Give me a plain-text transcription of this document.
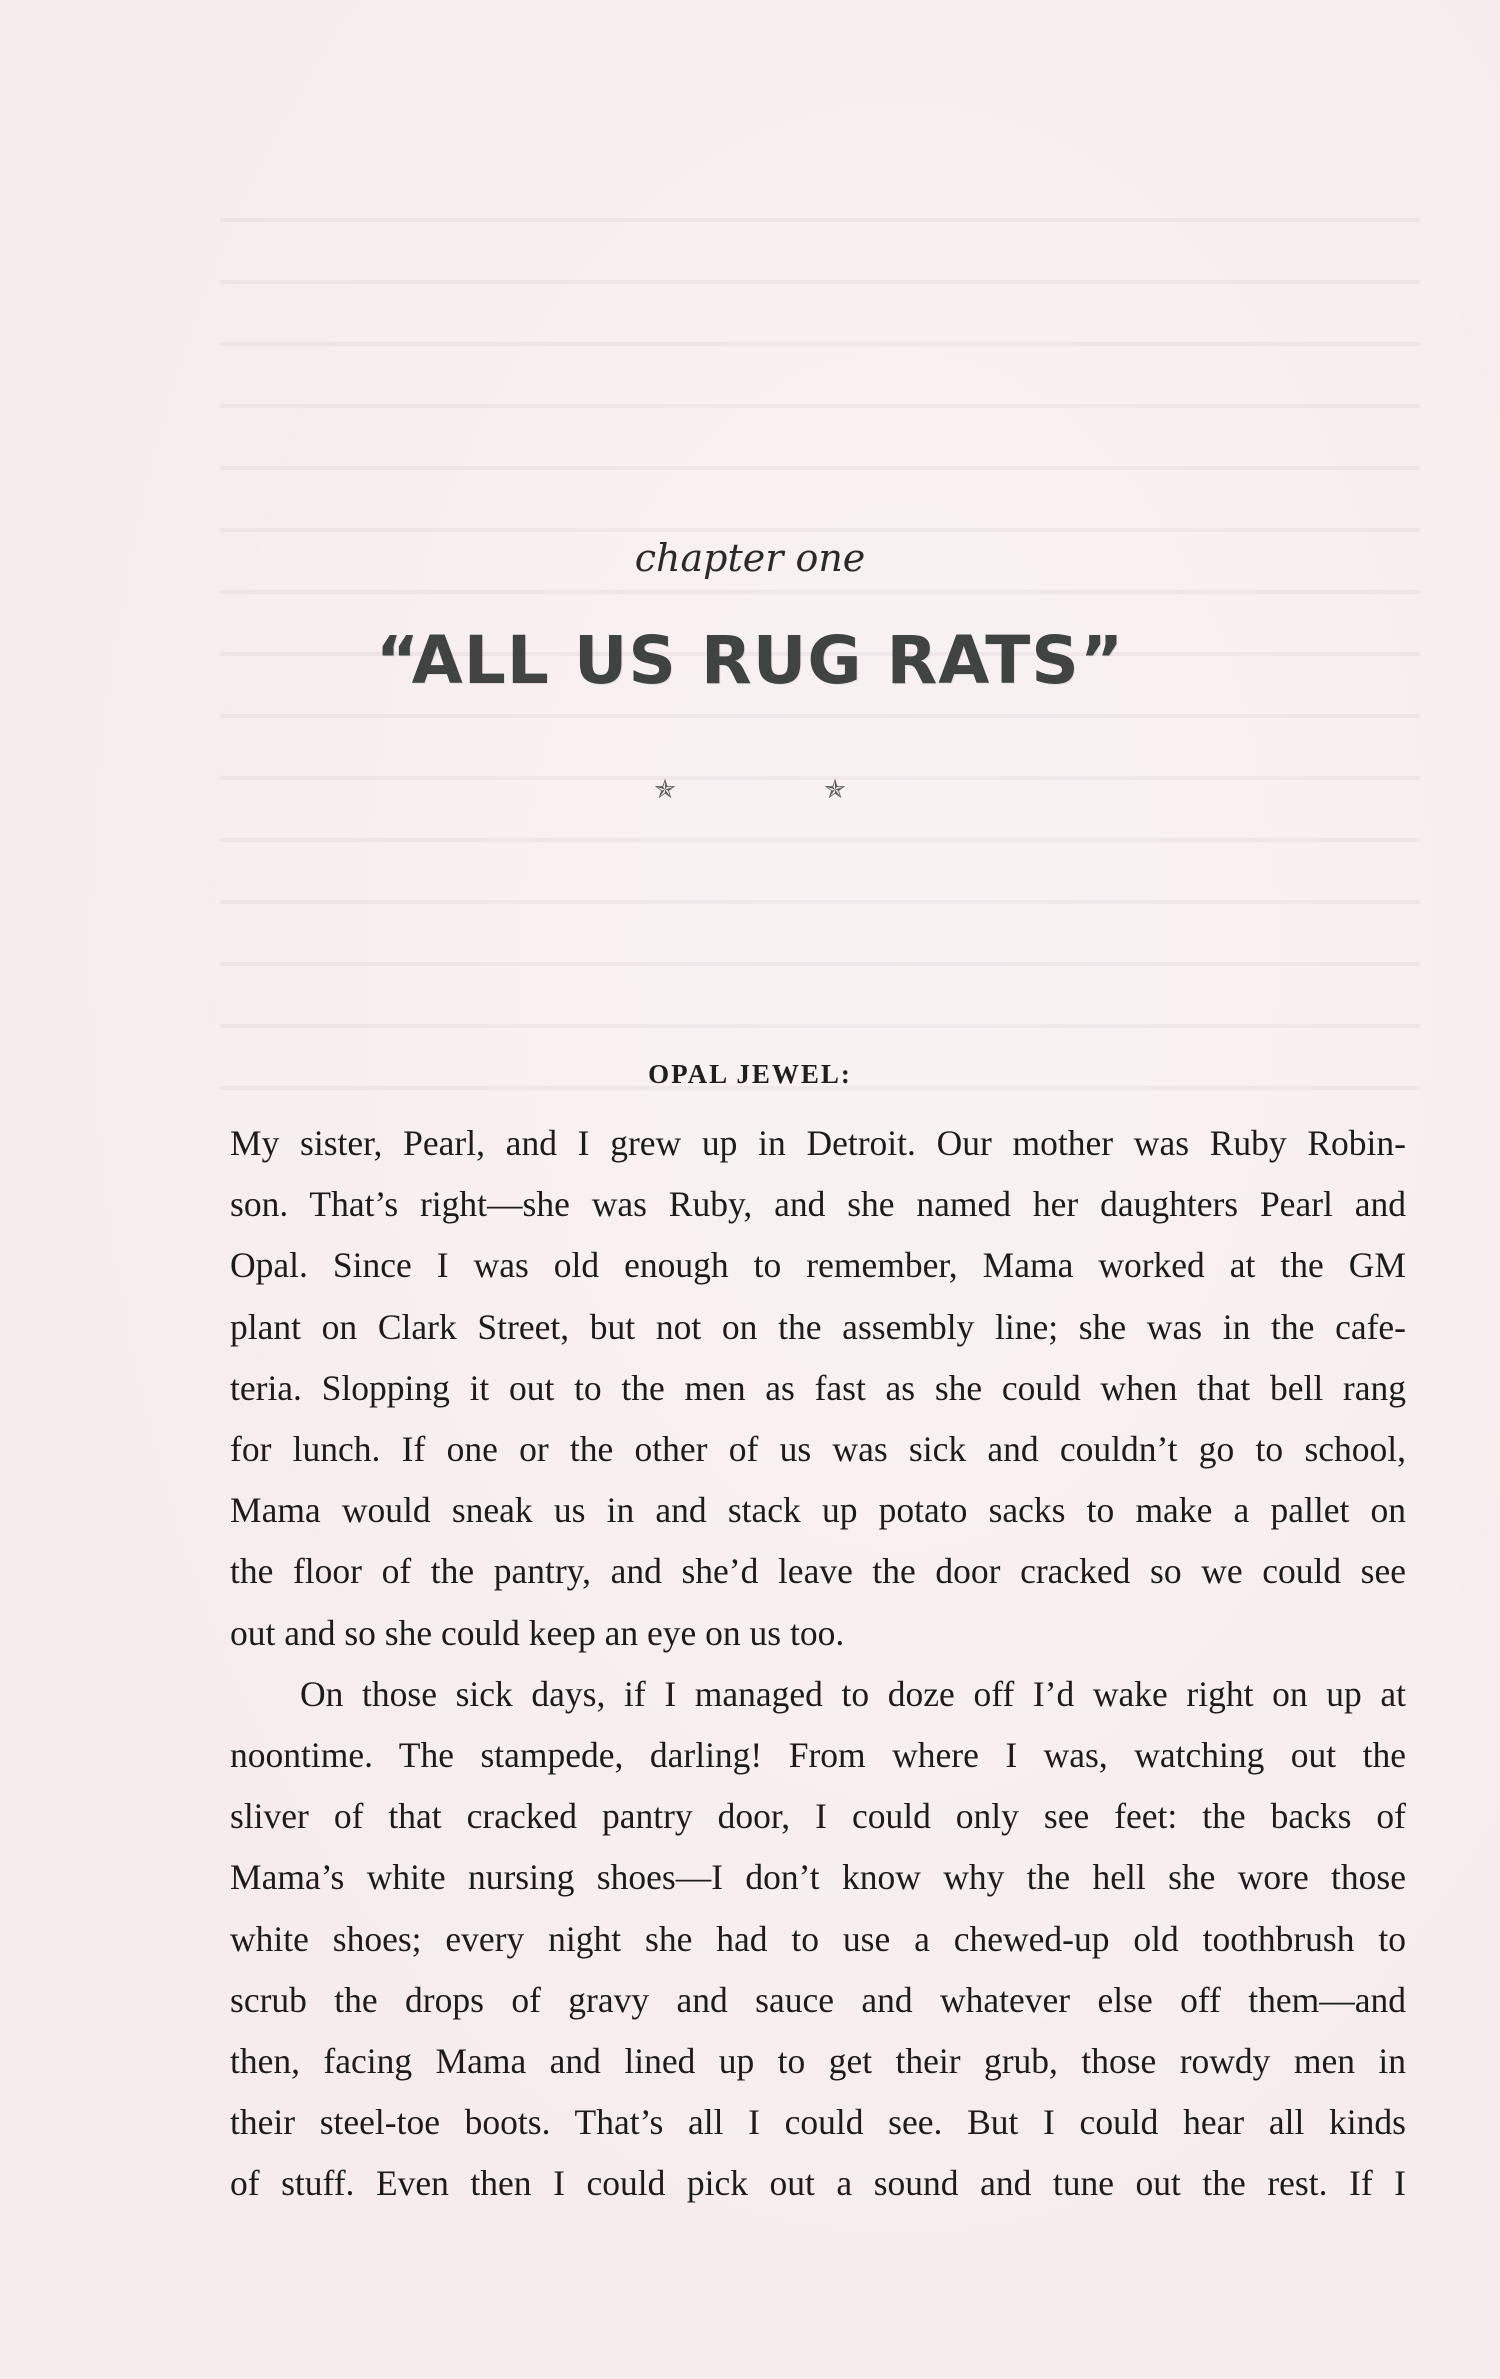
chapter one
“ALL US RUG RATS”
✯ ✯
OPAL JEWEL:
My sister, Pearl, and I grew up in Detroit. Our mother was Ruby Robin-
son. That’s right—she was Ruby, and she named her daughters Pearl and
Opal. Since I was old enough to remember, Mama worked at the GM
plant on Clark Street, but not on the assembly line; she was in the cafe-
teria. Slopping it out to the men as fast as she could when that bell rang
for lunch. If one or the other of us was sick and couldn’t go to school,
Mama would sneak us in and stack up potato sacks to make a pallet on
the floor of the pantry, and she’d leave the door cracked so we could see
out and so she could keep an eye on us too.
On those sick days, if I managed to doze off I’d wake right on up at
noontime. The stampede, darling! From where I was, watching out the
sliver of that cracked pantry door, I could only see feet: the backs of
Mama’s white nursing shoes—I don’t know why the hell she wore those
white shoes; every night she had to use a chewed-up old toothbrush to
scrub the drops of gravy and sauce and whatever else off them—and
then, facing Mama and lined up to get their grub, those rowdy men in
their steel-toe boots. That’s all I could see. But I could hear all kinds
of stuff. Even then I could pick out a sound and tune out the rest. If I
